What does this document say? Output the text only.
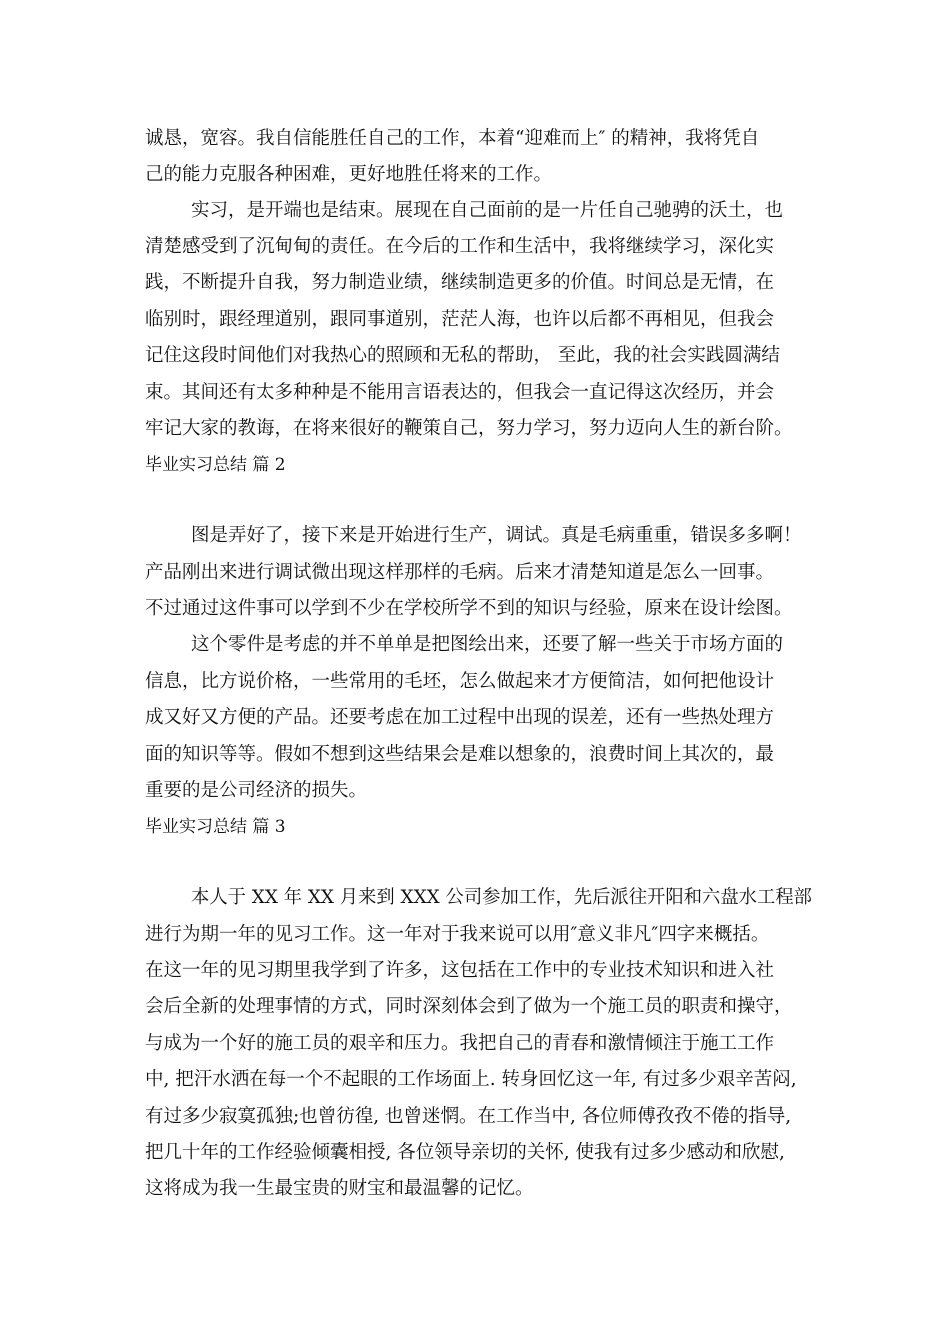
诚恳，宽容。我自信能胜任自己的工作，本着“迎难而上″ 的精神，我将凭自
己的能力克服各种困难，更好地胜任将来的工作。
实习，是开端也是结束。展现在自己面前的是一片任自己驰骋的沃土，也
清楚感受到了沉甸甸的责任。在今后的工作和生活中，我将继续学习，深化实
践，不断提升自我，努力制造业绩，继续制造更多的价值。时间总是无情，在
临别时，跟经理道别，跟同事道别，茫茫人海，也许以后都不再相见，但我会
记住这段时间他们对我热心的照顾和无私的帮助， 至此，我的社会实践圆满结
束。其间还有太多种种是不能用言语表达的，但我会一直记得这次经历，并会
牢记大家的教诲，在将来很好的鞭策自己，努力学习，努力迈向人生的新台阶。
毕业实习总结 篇 2
图是弄好了，接下来是开始进行生产，调试。真是毛病重重，错误多多啊！
产品刚出来进行调试微出现这样那样的毛病。后来才清楚知道是怎么一回事。
不过通过这件事可以学到不少在学校所学不到的知识与经验，原来在设计绘图。
这个零件是考虑的并不单单是把图绘出来，还要了解一些关于市场方面的
信息，比方说价格，一些常用的毛坯，怎么做起来才方便简洁，如何把他设计
成又好又方便的产品。还要考虑在加工过程中出现的误差，还有一些热处理方
面的知识等等。假如不想到这些结果会是难以想象的，浪费时间上其次的，最
重要的是公司经济的损失。
毕业实习总结 篇 3
本人于 XX 年 XX 月来到 XXX 公司参加工作，先后派往开阳和六盘水工程部
进行为期一年的见习工作。这一年对于我来说可以用″意义非凡″四字来概括。
在这一年的见习期里我学到了许多，这包括在工作中的专业技术知识和进入社
会后全新的处理事情的方式，同时深刻体会到了做为一个施工员的职责和操守，
与成为一个好的施工员的艰辛和压力。我把自己的青春和激情倾注于施工工作
中, 把汗水洒在每一个不起眼的工作场面上. 转身回忆这一年, 有过多少艰辛苦闷,
有过多少寂寞孤独;也曾彷徨, 也曾迷惘。在工作当中, 各位师傅孜孜不倦的指导,
把几十年的工作经验倾囊相授, 各位领导亲切的关怀, 使我有过多少感动和欣慰,
这将成为我一生最宝贵的财宝和最温馨的记忆。
